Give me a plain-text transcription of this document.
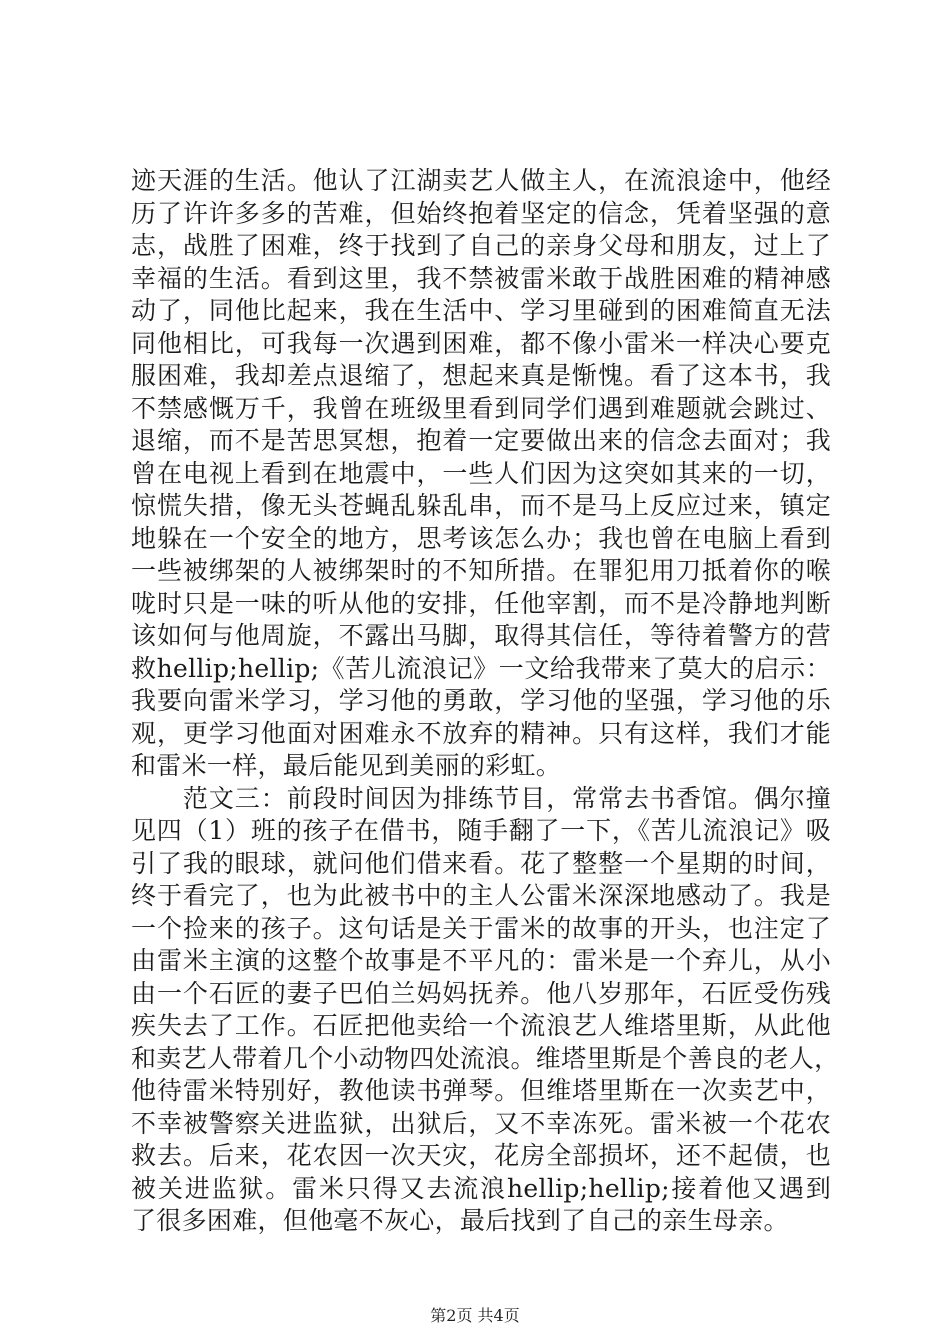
迹天涯的生活。他认了江湖卖艺人做主人，在流浪途中，他经
历了许许多多的苦难，但始终抱着坚定的信念，凭着坚强的意
志，战胜了困难，终于找到了自己的亲身父母和朋友，过上了
幸福的生活。看到这里，我不禁被雷米敢于战胜困难的精神感
动了，同他比起来，我在生活中、学习里碰到的困难简直无法
同他相比，可我每一次遇到困难，都不像小雷米一样决心要克
服困难，我却差点退缩了，想起来真是惭愧。看了这本书，我
不禁感慨万千，我曾在班级里看到同学们遇到难题就会跳过、
退缩，而不是苦思冥想，抱着一定要做出来的信念去面对；我
曾在电视上看到在地震中，一些人们因为这突如其来的一切，
惊慌失措，像无头苍蝇乱躲乱串，而不是马上反应过来，镇定
地躲在一个安全的地方，思考该怎么办；我也曾在电脑上看到
一些被绑架的人被绑架时的不知所措。在罪犯用刀抵着你的喉
咙时只是一味的听从他的安排，任他宰割，而不是冷静地判断
该如何与他周旋，不露出马脚，取得其信任，等待着警方的营
救hellip;hellip;《苦儿流浪记》一文给我带来了莫大的启示：
我要向雷米学习，学习他的勇敢，学习他的坚强，学习他的乐
观，更学习他面对困难永不放弃的精神。只有这样，我们才能
和雷米一样，最后能见到美丽的彩虹。
　　范文三：前段时间因为排练节目，常常去书香馆。偶尔撞
见四（1）班的孩子在借书，随手翻了一下，《苦儿流浪记》吸
引了我的眼球，就问他们借来看。花了整整一个星期的时间，
终于看完了，也为此被书中的主人公雷米深深地感动了。我是
一个捡来的孩子。这句话是关于雷米的故事的开头，也注定了
由雷米主演的这整个故事是不平凡的：雷米是一个弃儿，从小
由一个石匠的妻子巴伯兰妈妈抚养。他八岁那年，石匠受伤残
疾失去了工作。石匠把他卖给一个流浪艺人维塔里斯，从此他
和卖艺人带着几个小动物四处流浪。维塔里斯是个善良的老人，
他待雷米特别好，教他读书弹琴。但维塔里斯在一次卖艺中，
不幸被警察关进监狱，出狱后，又不幸冻死。雷米被一个花农
救去。后来，花农因一次天灾，花房全部损坏，还不起债，也
被关进监狱。雷米只得又去流浪hellip;hellip;接着他又遇到
了很多困难，但他毫不灰心，最后找到了自己的亲生母亲。
第2页 共4页
